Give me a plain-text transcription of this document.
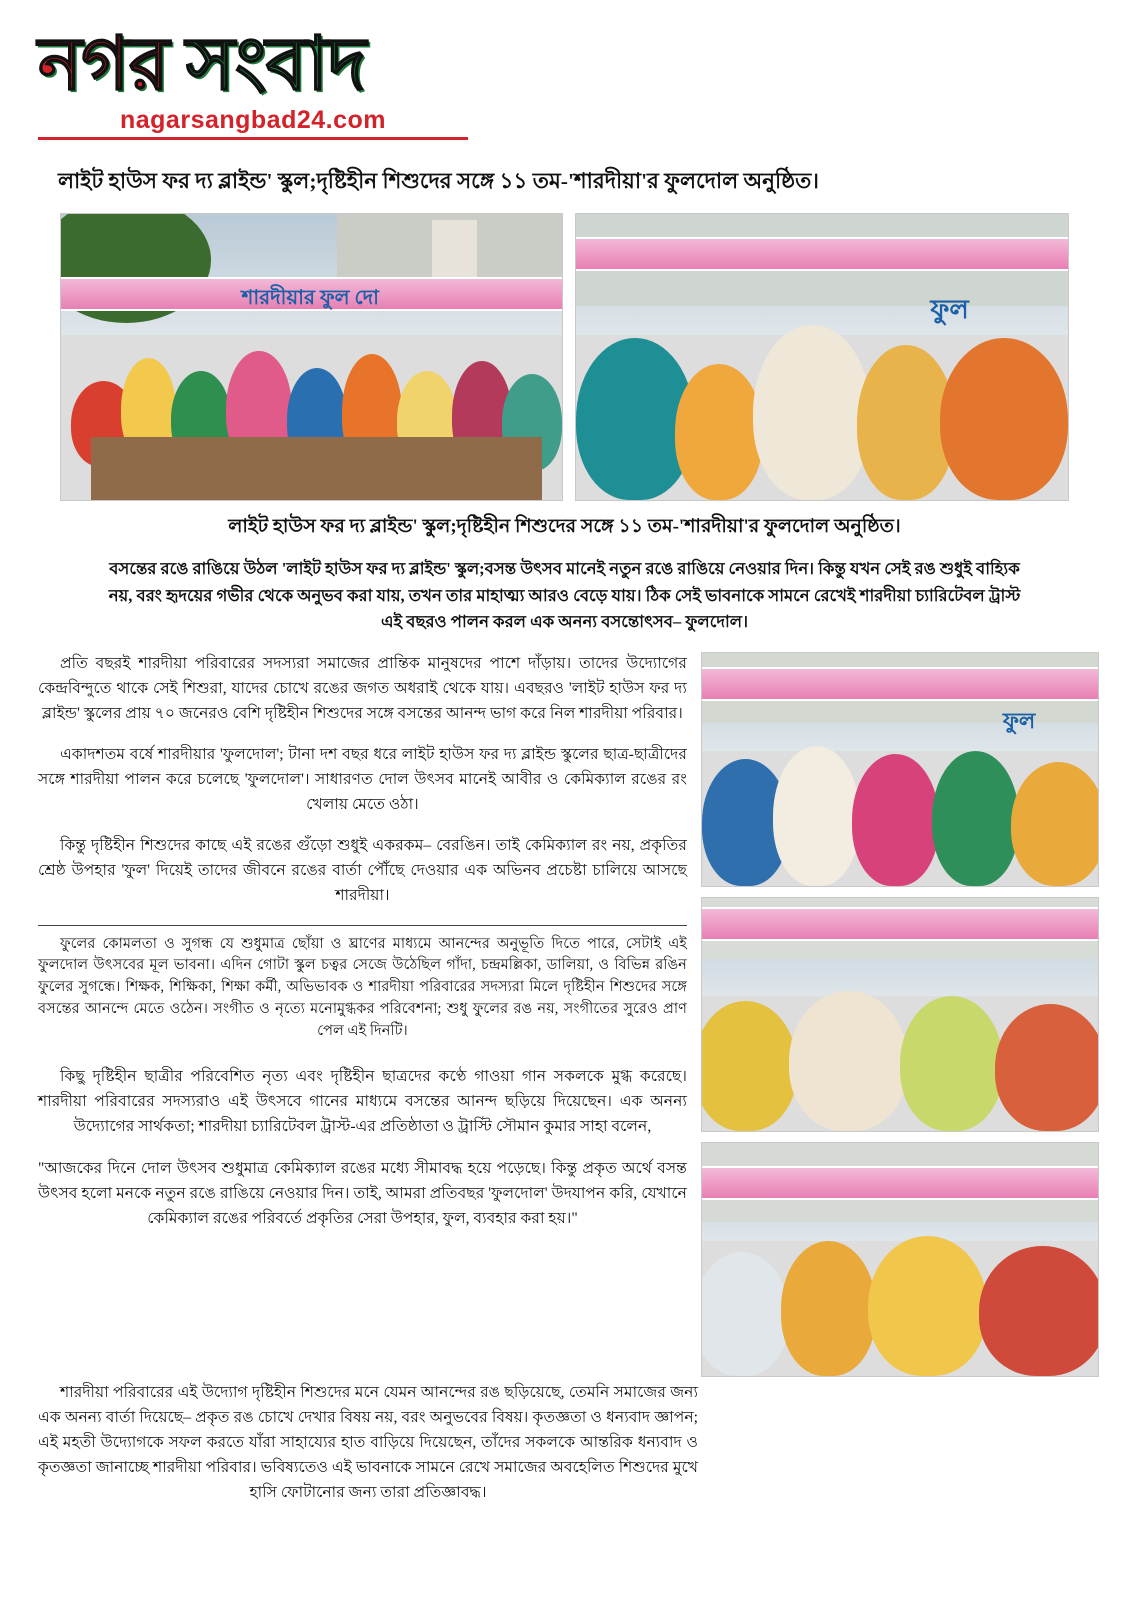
নগর সংবাদ
nagarsangbad24.com
লাইট হাউস ফর দ্য ব্লাইন্ড' স্কুল;দৃষ্টিহীন শিশুদের সঙ্গে ১১ তম-'শারদীয়া'র ফুলদোল অনুষ্ঠিত।
শারদীয়ার ফুল দো	ফুল
লাইট হাউস ফর দ্য ব্লাইন্ড' স্কুল;দৃষ্টিহীন শিশুদের সঙ্গে ১১ তম-'শারদীয়া'র ফুলদোল অনুষ্ঠিত।
বসন্তের রঙে রাঙিয়ে উঠল 'লাইট হাউস ফর দ্য ব্লাইন্ড' স্কুল;বসন্ত উৎসব মানেই নতুন রঙে রাঙিয়ে নেওয়ার দিন। কিন্তু যখন সেই রঙ শুধুই বাহ্যিক নয়, বরং হৃদয়ের গভীর থেকে অনুভব করা যায়, তখন তার মাহাত্ম্য আরও বেড়ে যায়। ঠিক সেই ভাবনাকে সামনে রেখেই শারদীয়া চ্যারিটেবল ট্রাস্ট এই বছরও পালন করল এক অনন্য বসন্তোৎসব– ফুলদোল।

প্রতি বছরই শারদীয়া পরিবারের সদস্যরা সমাজের প্রান্তিক মানুষদের পাশে দাঁড়ায়। তাদের উদ্যোগের কেন্দ্রবিন্দুতে থাকে সেই শিশুরা, যাদের চোখে রঙের জগত অধরাই থেকে যায়। এবছরও 'লাইট হাউস ফর দ্য ব্লাইন্ড' স্কুলের প্রায় ৭০ জনেরও বেশি দৃষ্টিহীন শিশুদের সঙ্গে বসন্তের আনন্দ ভাগ করে নিল শারদীয়া পরিবার।

একাদশতম বর্ষে শারদীয়ার 'ফুলদোল'; টানা দশ বছর ধরে লাইট হাউস ফর দ্য ব্লাইন্ড স্কুলের ছাত্র-ছাত্রীদের সঙ্গে শারদীয়া পালন করে চলেছে 'ফুলদোল'। সাধারণত দোল উৎসব মানেই আবীর ও কেমিক্যাল রঙের রং খেলায় মেতে ওঠা।

কিন্তু দৃষ্টিহীন শিশুদের কাছে এই রঙের গুঁড়ো শুধুই একরকম– বেরঙিন। তাই কেমিক্যাল রং নয়, প্রকৃতির শ্রেষ্ঠ উপহার 'ফুল' দিয়েই তাদের জীবনে রঙের বার্তা পৌঁছে দেওয়ার এক অভিনব প্রচেষ্টা চালিয়ে আসছে শারদীয়া।

ফুলের কোমলতা ও সুগন্ধ যে শুধুমাত্র ছোঁয়া ও ঘ্রাণের মাধ্যমে আনন্দের অনুভূতি দিতে পারে, সেটাই এই ফুলদোল উৎসবের মূল ভাবনা। এদিন গোটা স্কুল চত্বর সেজে উঠেছিল গাঁদা, চন্দ্রমল্লিকা, ডালিয়া, ও বিভিন্ন রঙিন ফুলের সুগন্ধে। শিক্ষক, শিক্ষিকা, শিক্ষা কর্মী, অভিভাবক ও শারদীয়া পরিবারের সদস্যরা মিলে দৃষ্টিহীন শিশুদের সঙ্গে বসন্তের আনন্দে মেতে ওঠেন। সংগীত ও নৃত্যে মনোমুগ্ধকর পরিবেশনা; শুধু ফুলের রঙ নয়, সংগীতের সুরেও প্রাণ পেল এই দিনটি।

কিছু দৃষ্টিহীন ছাত্রীর পরিবেশিত নৃত্য এবং দৃষ্টিহীন ছাত্রদের কণ্ঠে গাওয়া গান সকলকে মুগ্ধ করেছে। শারদীয়া পরিবারের সদস্যরাও এই উৎসবে গানের মাধ্যমে বসন্তের আনন্দ ছড়িয়ে দিয়েছেন। এক অনন্য উদ্যোগের সার্থকতা; শারদীয়া চ্যারিটেবল ট্রাস্ট-এর প্রতিষ্ঠাতা ও ট্রাস্টি সৌমান কুমার সাহা বলেন,

"আজকের দিনে দোল উৎসব শুধুমাত্র কেমিক্যাল রঙের মধ্যে সীমাবদ্ধ হয়ে পড়েছে। কিন্তু প্রকৃত অর্থে বসন্ত উৎসব হলো মনকে নতুন রঙে রাঙিয়ে নেওয়ার দিন। তাই, আমরা প্রতিবছর 'ফুলদোল' উদযাপন করি, যেখানে কেমিক্যাল রঙের পরিবর্তে প্রকৃতির সেরা উপহার, ফুল, ব্যবহার করা হয়।"

ফুল

শারদীয়া পরিবারের এই উদ্যোগ দৃষ্টিহীন শিশুদের মনে যেমন আনন্দের রঙ ছড়িয়েছে, তেমনি সমাজের জন্য এক অনন্য বার্তা দিয়েছে– প্রকৃত রঙ চোখে দেখার বিষয় নয়, বরং অনুভবের বিষয়। কৃতজ্ঞতা ও ধন্যবাদ জ্ঞাপন; এই মহতী উদ্যোগকে সফল করতে যাঁরা সাহায্যের হাত বাড়িয়ে দিয়েছেন, তাঁদের সকলকে আন্তরিক ধন্যবাদ ও কৃতজ্ঞতা জানাচ্ছে শারদীয়া পরিবার। ভবিষ্যতেও এই ভাবনাকে সামনে রেখে সমাজের অবহেলিত শিশুদের মুখে হাসি ফোটানোর জন্য তারা প্রতিজ্ঞাবদ্ধ।
